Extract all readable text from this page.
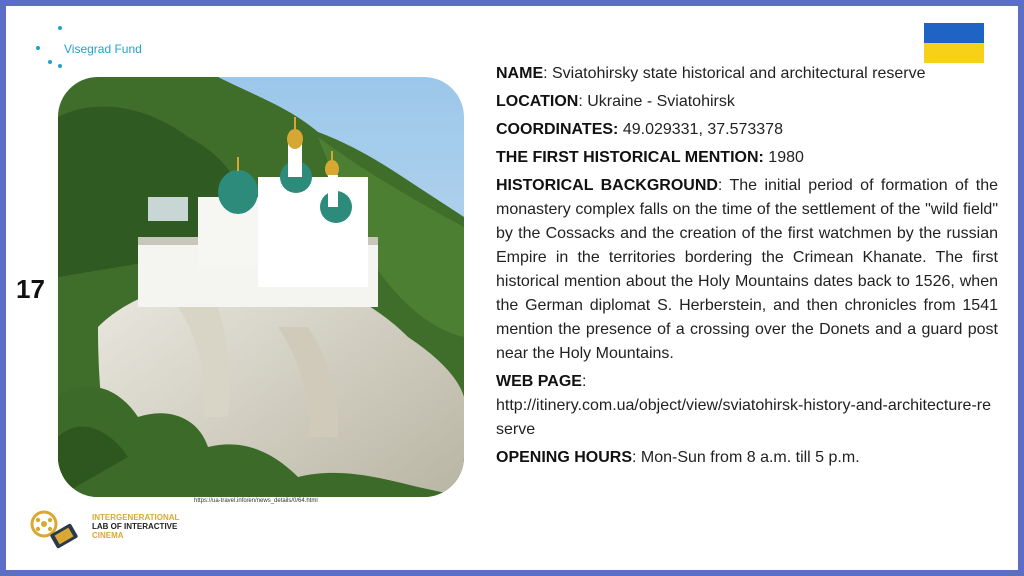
Visegrad Fund
17
https://ua-travel.info/en/news_details/0/64.html
INTERGENERATIONAL
LAB OF INTERACTIVE
CINEMA
NAME: Sviatohirsky state historical and architectural reserve
LOCATION: Ukraine - Sviatohirsk
COORDINATES: 49.029331, 37.573378
THE FIRST HISTORICAL MENTION: 1980
HISTORICAL BACKGROUND: The initial period of formation of the monastery complex falls on the time of the settlement of the "wild field" by the Cossacks and the creation of the first watchmen by the russian Empire in the territories bordering the Crimean Khanate. The first historical mention about the Holy Mountains dates back to 1526, when the German diplomat S. Herberstein, and then chronicles from 1541 mention the presence of a crossing over the Donets and a guard post near the Holy Mountains.
WEB PAGE:
http://itinery.com.ua/object/view/sviatohirsk-history-and-architecture-reserve
OPENING HOURS: Mon-Sun from 8 a.m. till 5 p.m.
